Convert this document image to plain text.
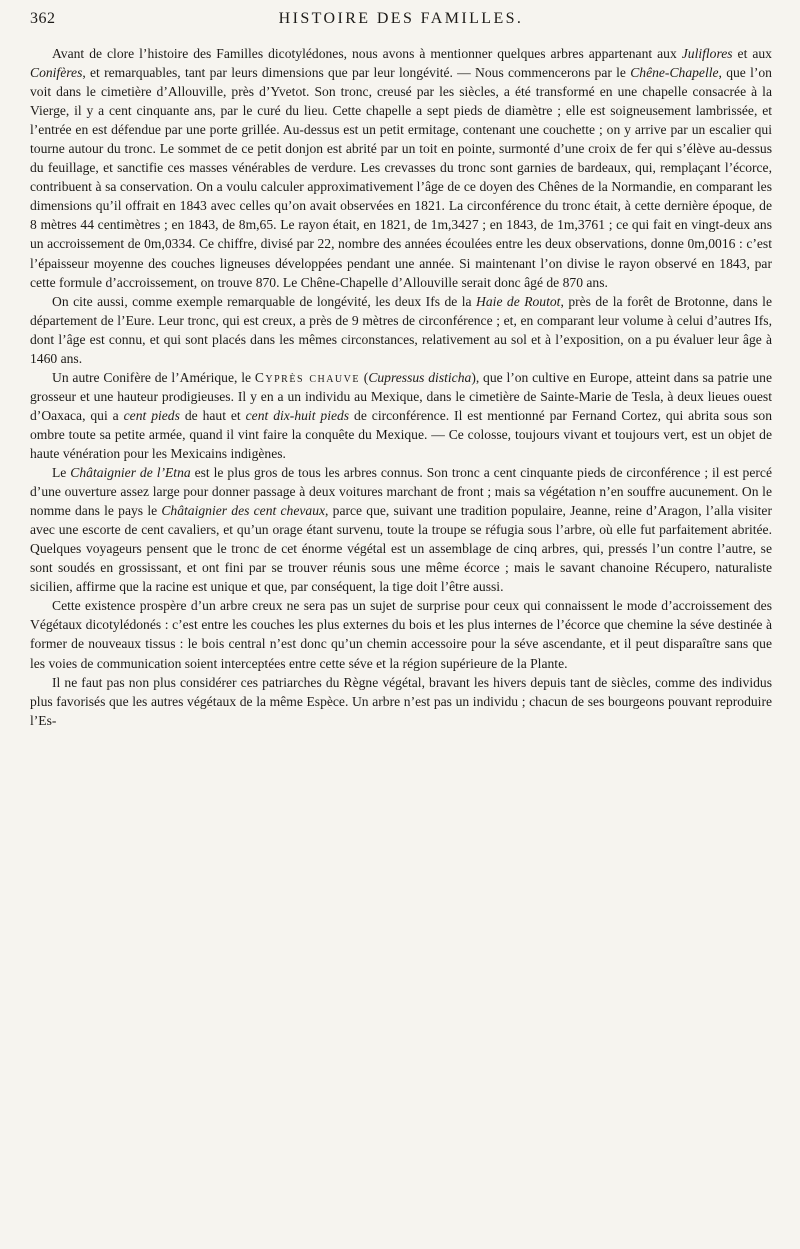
362	HISTOIRE DES FAMILLES.

Avant de clore l’histoire des Familles dicotylédones, nous avons à mentionner quelques arbres appartenant aux Juliflores et aux Conifères, et remarquables, tant par leurs dimensions que par leur longévité. — Nous commencerons par le Chêne-Chapelle, que l’on voit dans le cimetière d’Allouville, près d’Yvetot. Son tronc, creusé par les siècles, a été transformé en une chapelle consacrée à la Vierge, il y a cent cinquante ans, par le curé du lieu. Cette chapelle a sept pieds de diamètre ; elle est soigneusement lambrissée, et l’entrée en est défendue par une porte grillée. Au-dessus est un petit ermitage, contenant une couchette ; on y arrive par un escalier qui tourne autour du tronc. Le sommet de ce petit donjon est abrité par un toit en pointe, surmonté d’une croix de fer qui s’élève au-dessus du feuillage, et sanctifie ces masses vénérables de verdure. Les crevasses du tronc sont garnies de bardeaux, qui, remplaçant l’écorce, contribuent à sa conservation. On a voulu calculer approximativement l’âge de ce doyen des Chênes de la Normandie, en comparant les dimensions qu’il offrait en 1843 avec celles qu’on avait observées en 1821. La circonférence du tronc était, à cette dernière époque, de 8 mètres 44 centimètres ; en 1843, de 8m,65. Le rayon était, en 1821, de 1m,3427 ; en 1843, de 1m,3761 ; ce qui fait en vingt-deux ans un accroissement de 0m,0334. Ce chiffre, divisé par 22, nombre des années écoulées entre les deux observations, donne 0m,0016 : c’est l’épaisseur moyenne des couches ligneuses développées pendant une année. Si maintenant l’on divise le rayon observé en 1843, par cette formule d’accroissement, on trouve 870. Le Chêne-Chapelle d’Allouville serait donc âgé de 870 ans.

On cite aussi, comme exemple remarquable de longévité, les deux Ifs de la Haie de Routot, près de la forêt de Brotonne, dans le département de l’Eure. Leur tronc, qui est creux, a près de 9 mètres de circonférence ; et, en comparant leur volume à celui d’autres Ifs, dont l’âge est connu, et qui sont placés dans les mêmes circonstances, relativement au sol et à l’exposition, on a pu évaluer leur âge à 1460 ans.

Un autre Conifère de l’Amérique, le Cyprès chauve (Cupressus disticha), que l’on cultive en Europe, atteint dans sa patrie une grosseur et une hauteur prodigieuses. Il y en a un individu au Mexique, dans le cimetière de Sainte-Marie de Tesla, à deux lieues ouest d’Oaxaca, qui a cent pieds de haut et cent dix-huit pieds de circonférence. Il est mentionné par Fernand Cortez, qui abrita sous son ombre toute sa petite armée, quand il vint faire la conquête du Mexique. — Ce colosse, toujours vivant et toujours vert, est un objet de haute vénération pour les Mexicains indigènes.

Le Châtaignier de l’Etna est le plus gros de tous les arbres connus. Son tronc a cent cinquante pieds de circonférence ; il est percé d’une ouverture assez large pour donner passage à deux voitures marchant de front ; mais sa végétation n’en souffre aucunement. On le nomme dans le pays le Châtaignier des cent chevaux, parce que, suivant une tradition populaire, Jeanne, reine d’Aragon, l’alla visiter avec une escorte de cent cavaliers, et qu’un orage étant survenu, toute la troupe se réfugia sous l’arbre, où elle fut parfaitement abritée. Quelques voyageurs pensent que le tronc de cet énorme végétal est un assemblage de cinq arbres, qui, pressés l’un contre l’autre, se sont soudés en grossissant, et ont fini par se trouver réunis sous une même écorce ; mais le savant chanoine Récupero, naturaliste sicilien, affirme que la racine est unique et que, par conséquent, la tige doit l’être aussi.

Cette existence prospère d’un arbre creux ne sera pas un sujet de surprise pour ceux qui connaissent le mode d’accroissement des Végétaux dicotylédonés : c’est entre les couches les plus externes du bois et les plus internes de l’écorce que chemine la séve destinée à former de nouveaux tissus : le bois central n’est donc qu’un chemin accessoire pour la séve ascendante, et il peut disparaître sans que les voies de communication soient interceptées entre cette séve et la région supérieure de la Plante.

Il ne faut pas non plus considérer ces patriarches du Règne végétal, bravant les hivers depuis tant de siècles, comme des individus plus favorisés que les autres végétaux de la même Espèce. Un arbre n’est pas un individu ; chacun de ses bourgeons pouvant reproduire l’Es-
